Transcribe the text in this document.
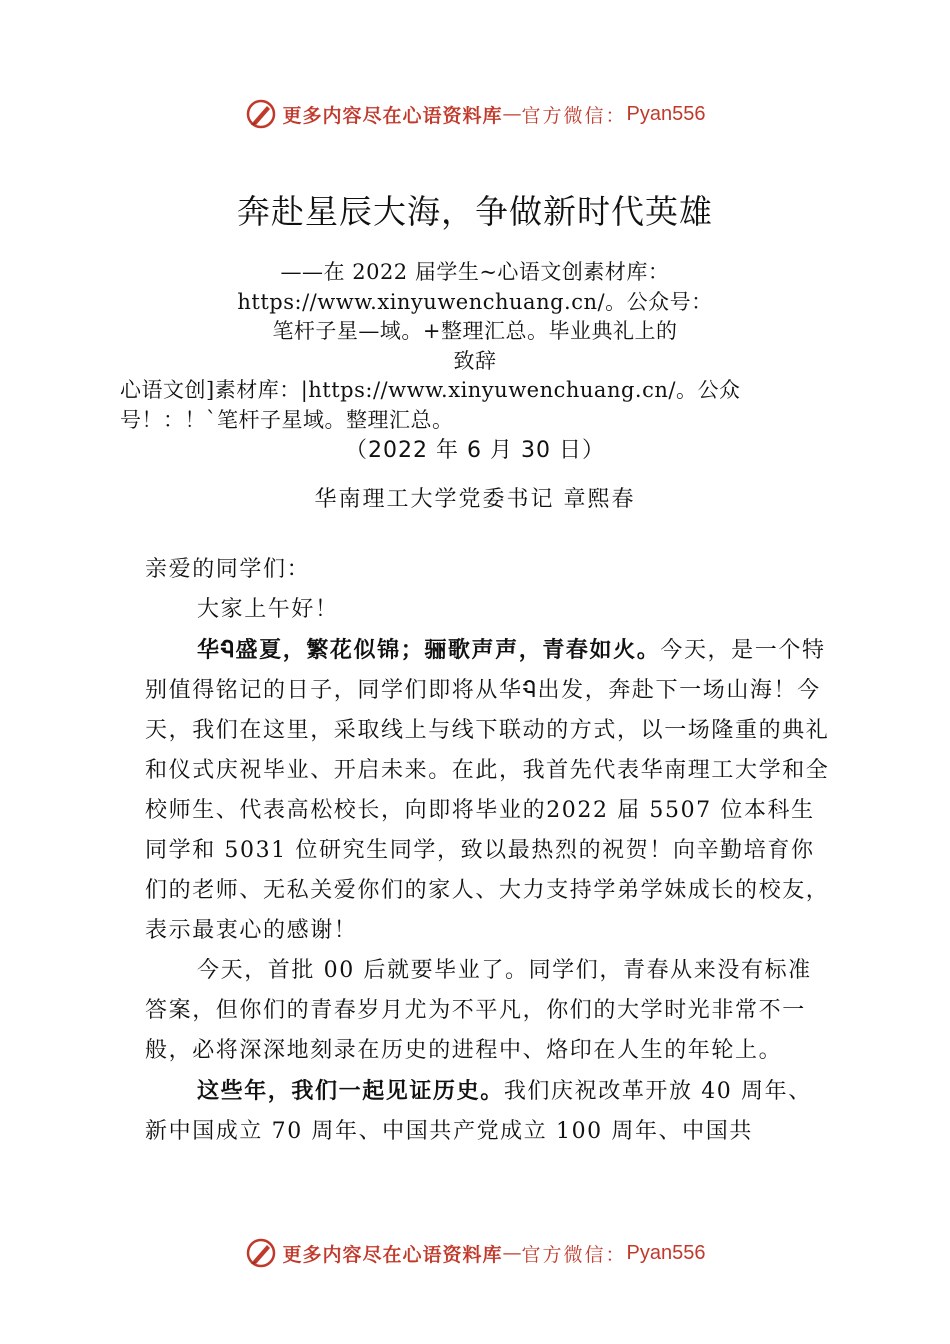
更多内容尽在心语资料库 — 官方微信： Pyan556
奔赴星辰大海，争做新时代英雄
——在 2022 届学生~心语文创素材库：
https://www.xinyuwenchuang.cn/。公众号：
笔杆子星—域。+整理汇总。毕业典礼上的
致辞
心语文创]素材库：|https://www.xinyuwenchuang.cn/。公众
号！：！`笔杆子星域。整理汇总。
（2022 年 6 月 30 日）
华南理工大学党委书记 章熙春

亲爱的同学们：

大家上午好！

华Ꮔ盛夏，繁花似锦；骊歌声声，青春如火。今天，是一个特别值得铭记的日子，同学们即将从华Ꮔ出发，奔赴下一场山海！今天，我们在这里，采取线上与线下联动的方式，以一场隆重的典礼和仪式庆祝毕业、开启未来。在此，我首先代表华南理工大学和全校师生、代表高松校长，向即将毕业的2022 届 5507 位本科生同学和 5031 位研究生同学，致以最热烈的祝贺！向辛勤培育你们的老师、无私关爱你们的家人、大力支持学弟学妹成长的校友，表示最衷心的感谢！

今天，首批 00 后就要毕业了。同学们，青春从来没有标准答案，但你们的青春岁月尤为不平凡，你们的大学时光非常不一般，必将深深地刻录在历史的进程中、烙印在人生的年轮上。

这些年，我们一起见证历史。我们庆祝改革开放 40 周年、新中国成立 70 周年、中国共产党成立 100 周年、中国共

更多内容尽在心语资料库 — 官方微信： Pyan556
